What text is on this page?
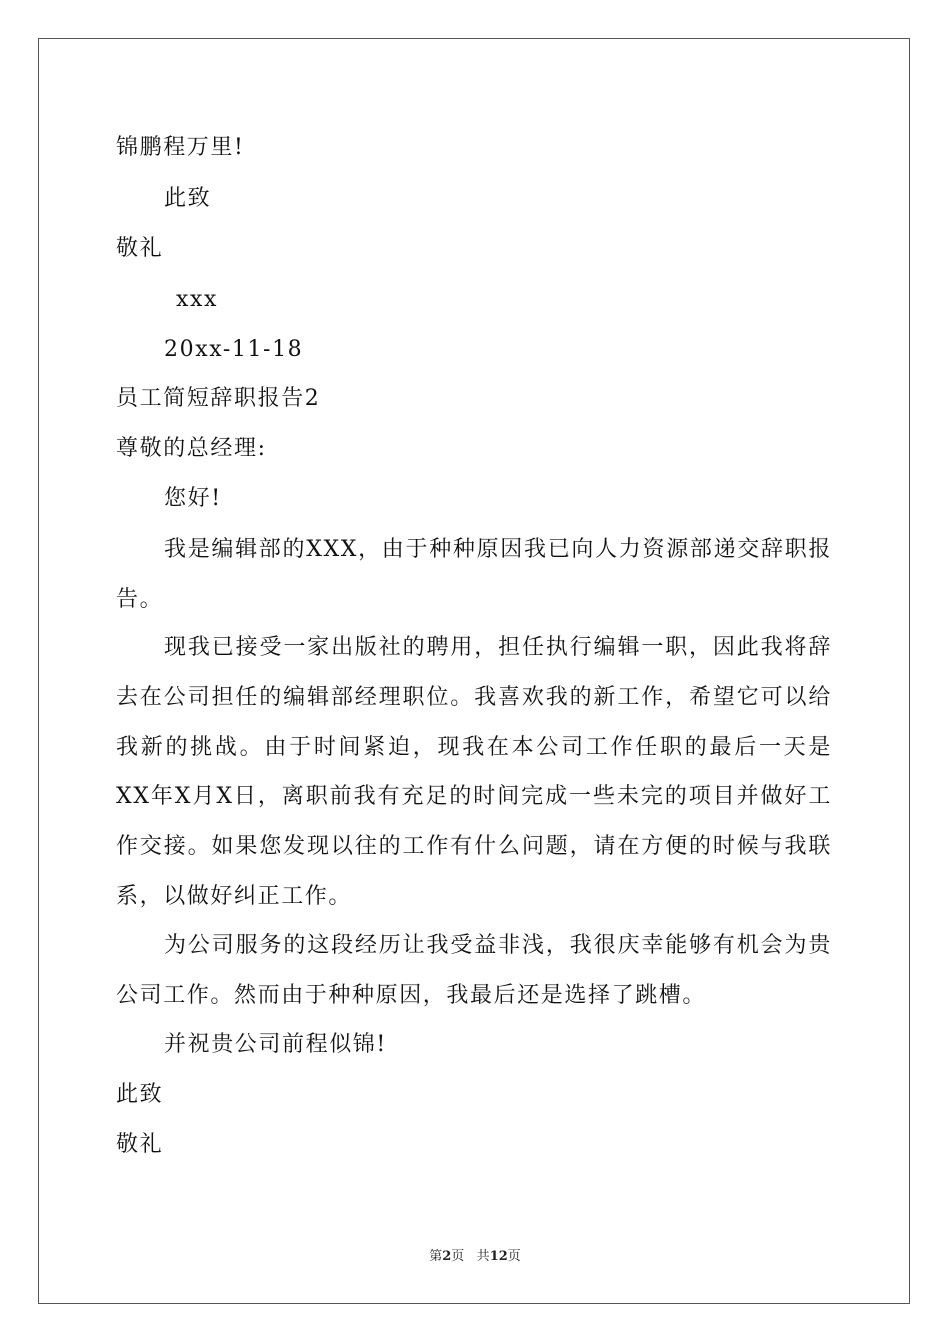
锦鹏程万里!
此致
敬礼
xxx
20xx-11-18
员工简短辞职报告2
尊敬的总经理:
您好!
我是编辑部的XXX，由于种种原因我已向人力资源部递交辞职报
告。
现我已接受一家出版社的聘用，担任执行编辑一职，因此我将辞
去在公司担任的编辑部经理职位。我喜欢我的新工作，希望它可以给
我新的挑战。由于时间紧迫，现我在本公司工作任职的最后一天是
XX年X月X日，离职前我有充足的时间完成一些未完的项目并做好工
作交接。如果您发现以往的工作有什么问题，请在方便的时候与我联
系，以做好纠正工作。
为公司服务的这段经历让我受益非浅，我很庆幸能够有机会为贵
公司工作。然而由于种种原因，我最后还是选择了跳槽。
并祝贵公司前程似锦!
此致
敬礼
第2页 共12页
